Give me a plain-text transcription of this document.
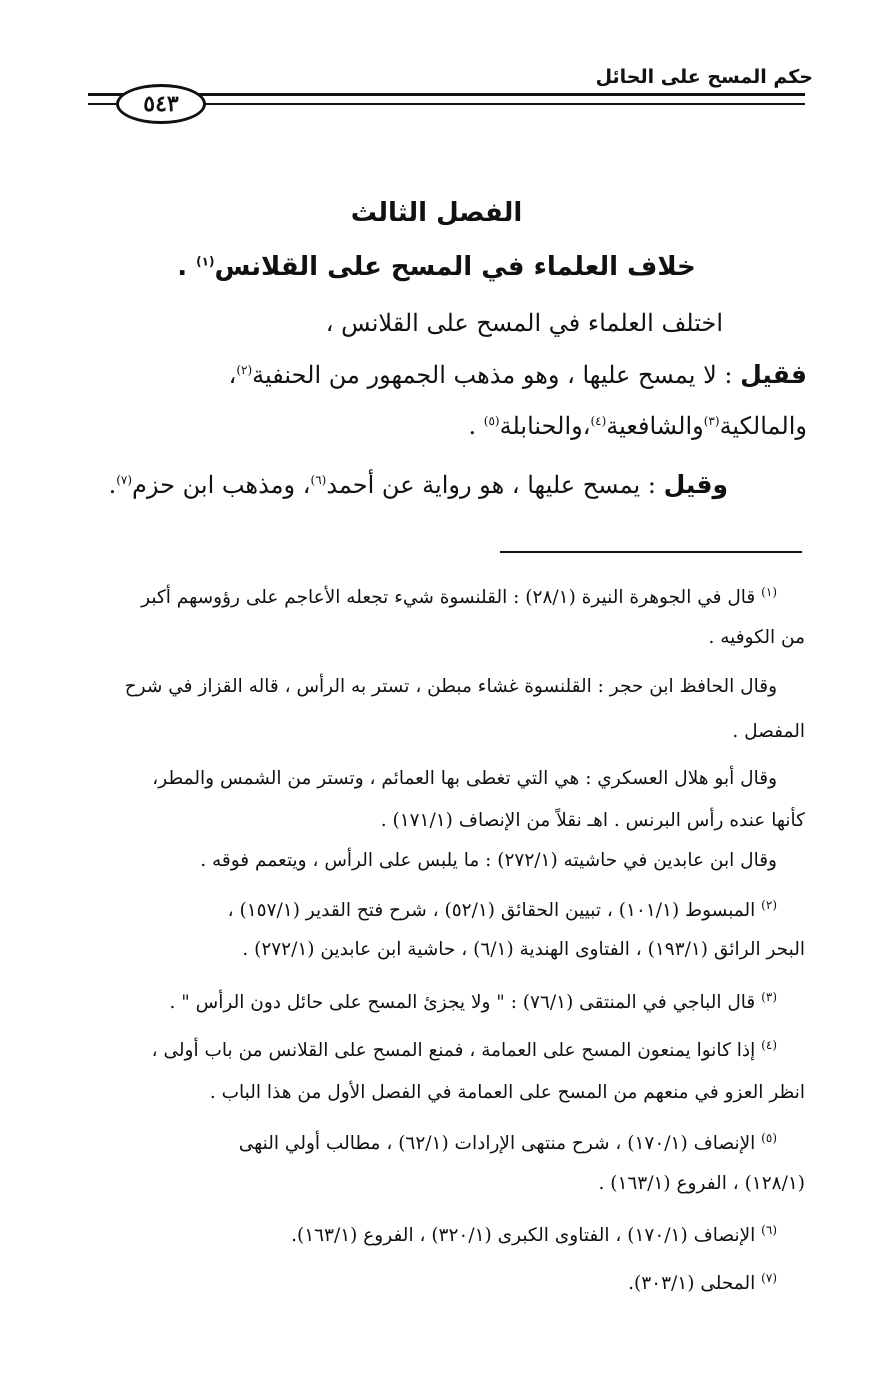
حكم المسح على الحائل
٥٤٣
الفصل الثالث
خلاف العلماء في المسح على القلانس$^{(١)}$ .
اختلف العلماء في المسح على القلانس ،
فقيل : لا يمسح عليها ، وهو مذهب الجمهور من الحنفية$^{(٢)}$،
والمالكية$^{(٣)}$والشافعية$^{(٤)}$،والحنابلة$^{(٥)}$ .
وقيل : يمسح عليها ، هو رواية عن أحمد$^{(٦)}$، ومذهب ابن حزم$^{(٧)}$.
$^{(١)}$ قال في الجوهرة النيرة (٢٨/١) : القلنسوة شيء تجعله الأعاجم على رؤوسهم أكبر
من الكوفيه .
وقال الحافظ ابن حجر : القلنسوة غشاء مبطن ، تستر به الرأس ، قاله القزاز في شرح
المفصل .
وقال أبو هلال العسكري : هي التي تغطى بها العمائم ، وتستر من الشمس والمطر،
كأنها عنده رأس البرنس . اهـ نقلاً من الإنصاف (١٧١/١) .
وقال ابن عابدين في حاشيته (٢٧٢/١) : ما يلبس على الرأس ، ويتعمم فوقه .
$^{(٢)}$ المبسوط (١٠١/١) ، تبيين الحقائق (٥٢/١) ، شرح فتح القدير (١٥٧/١) ،
البحر الرائق (١٩٣/١) ، الفتاوى الهندية (٦/١) ، حاشية ابن عابدين (٢٧٢/١) .
$^{(٣)}$ قال الباجي في المنتقى (٧٦/١) : " ولا يجزئ المسح على حائل دون الرأس " .
$^{(٤)}$ إذا كانوا يمنعون المسح على العمامة ، فمنع المسح على القلانس من باب أولى ،
انظر العزو في منعهم من المسح على العمامة في الفصل الأول من هذا الباب .
$^{(٥)}$ الإنصاف (١٧٠/١) ، شرح منتهى الإرادات (٦٢/١) ، مطالب أولي النهى
(١٢٨/١) ، الفروع (١٦٣/١) .
$^{(٦)}$ الإنصاف (١٧٠/١) ، الفتاوى الكبرى (٣٢٠/١) ، الفروع (١٦٣/١).
$^{(٧)}$ المحلى (٣٠٣/١).
